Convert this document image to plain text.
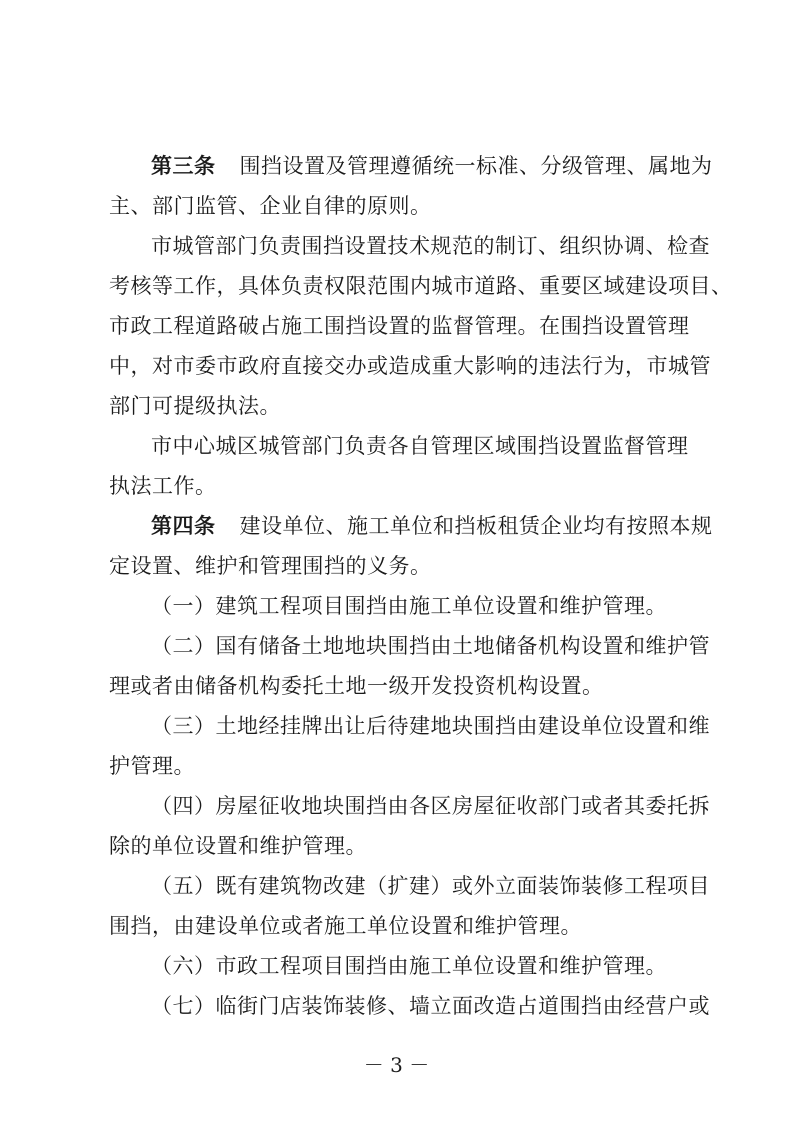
第三条 围挡设置及管理遵循统一标准、分级管理、属地为
主、部门监管、企业自律的原则。
市城管部门负责围挡设置技术规范的制订、组织协调、检查
考核等工作，具体负责权限范围内城市道路、重要区域建设项目、
市政工程道路破占施工围挡设置的监督管理。在围挡设置管理
中，对市委市政府直接交办或造成重大影响的违法行为，市城管
部门可提级执法。
市中心城区城管部门负责各自管理区域围挡设置监督管理
执法工作。
第四条 建设单位、施工单位和挡板租赁企业均有按照本规
定设置、维护和管理围挡的义务。
（一）建筑工程项目围挡由施工单位设置和维护管理。
（二）国有储备土地地块围挡由土地储备机构设置和维护管
理或者由储备机构委托土地一级开发投资机构设置。
（三）土地经挂牌出让后待建地块围挡由建设单位设置和维
护管理。
（四）房屋征收地块围挡由各区房屋征收部门或者其委托拆
除的单位设置和维护管理。
（五）既有建筑物改建（扩建）或外立面装饰装修工程项目
围挡，由建设单位或者施工单位设置和维护管理。
（六）市政工程项目围挡由施工单位设置和维护管理。
（七）临街门店装饰装修、墙立面改造占道围挡由经营户或
－ 3 －
